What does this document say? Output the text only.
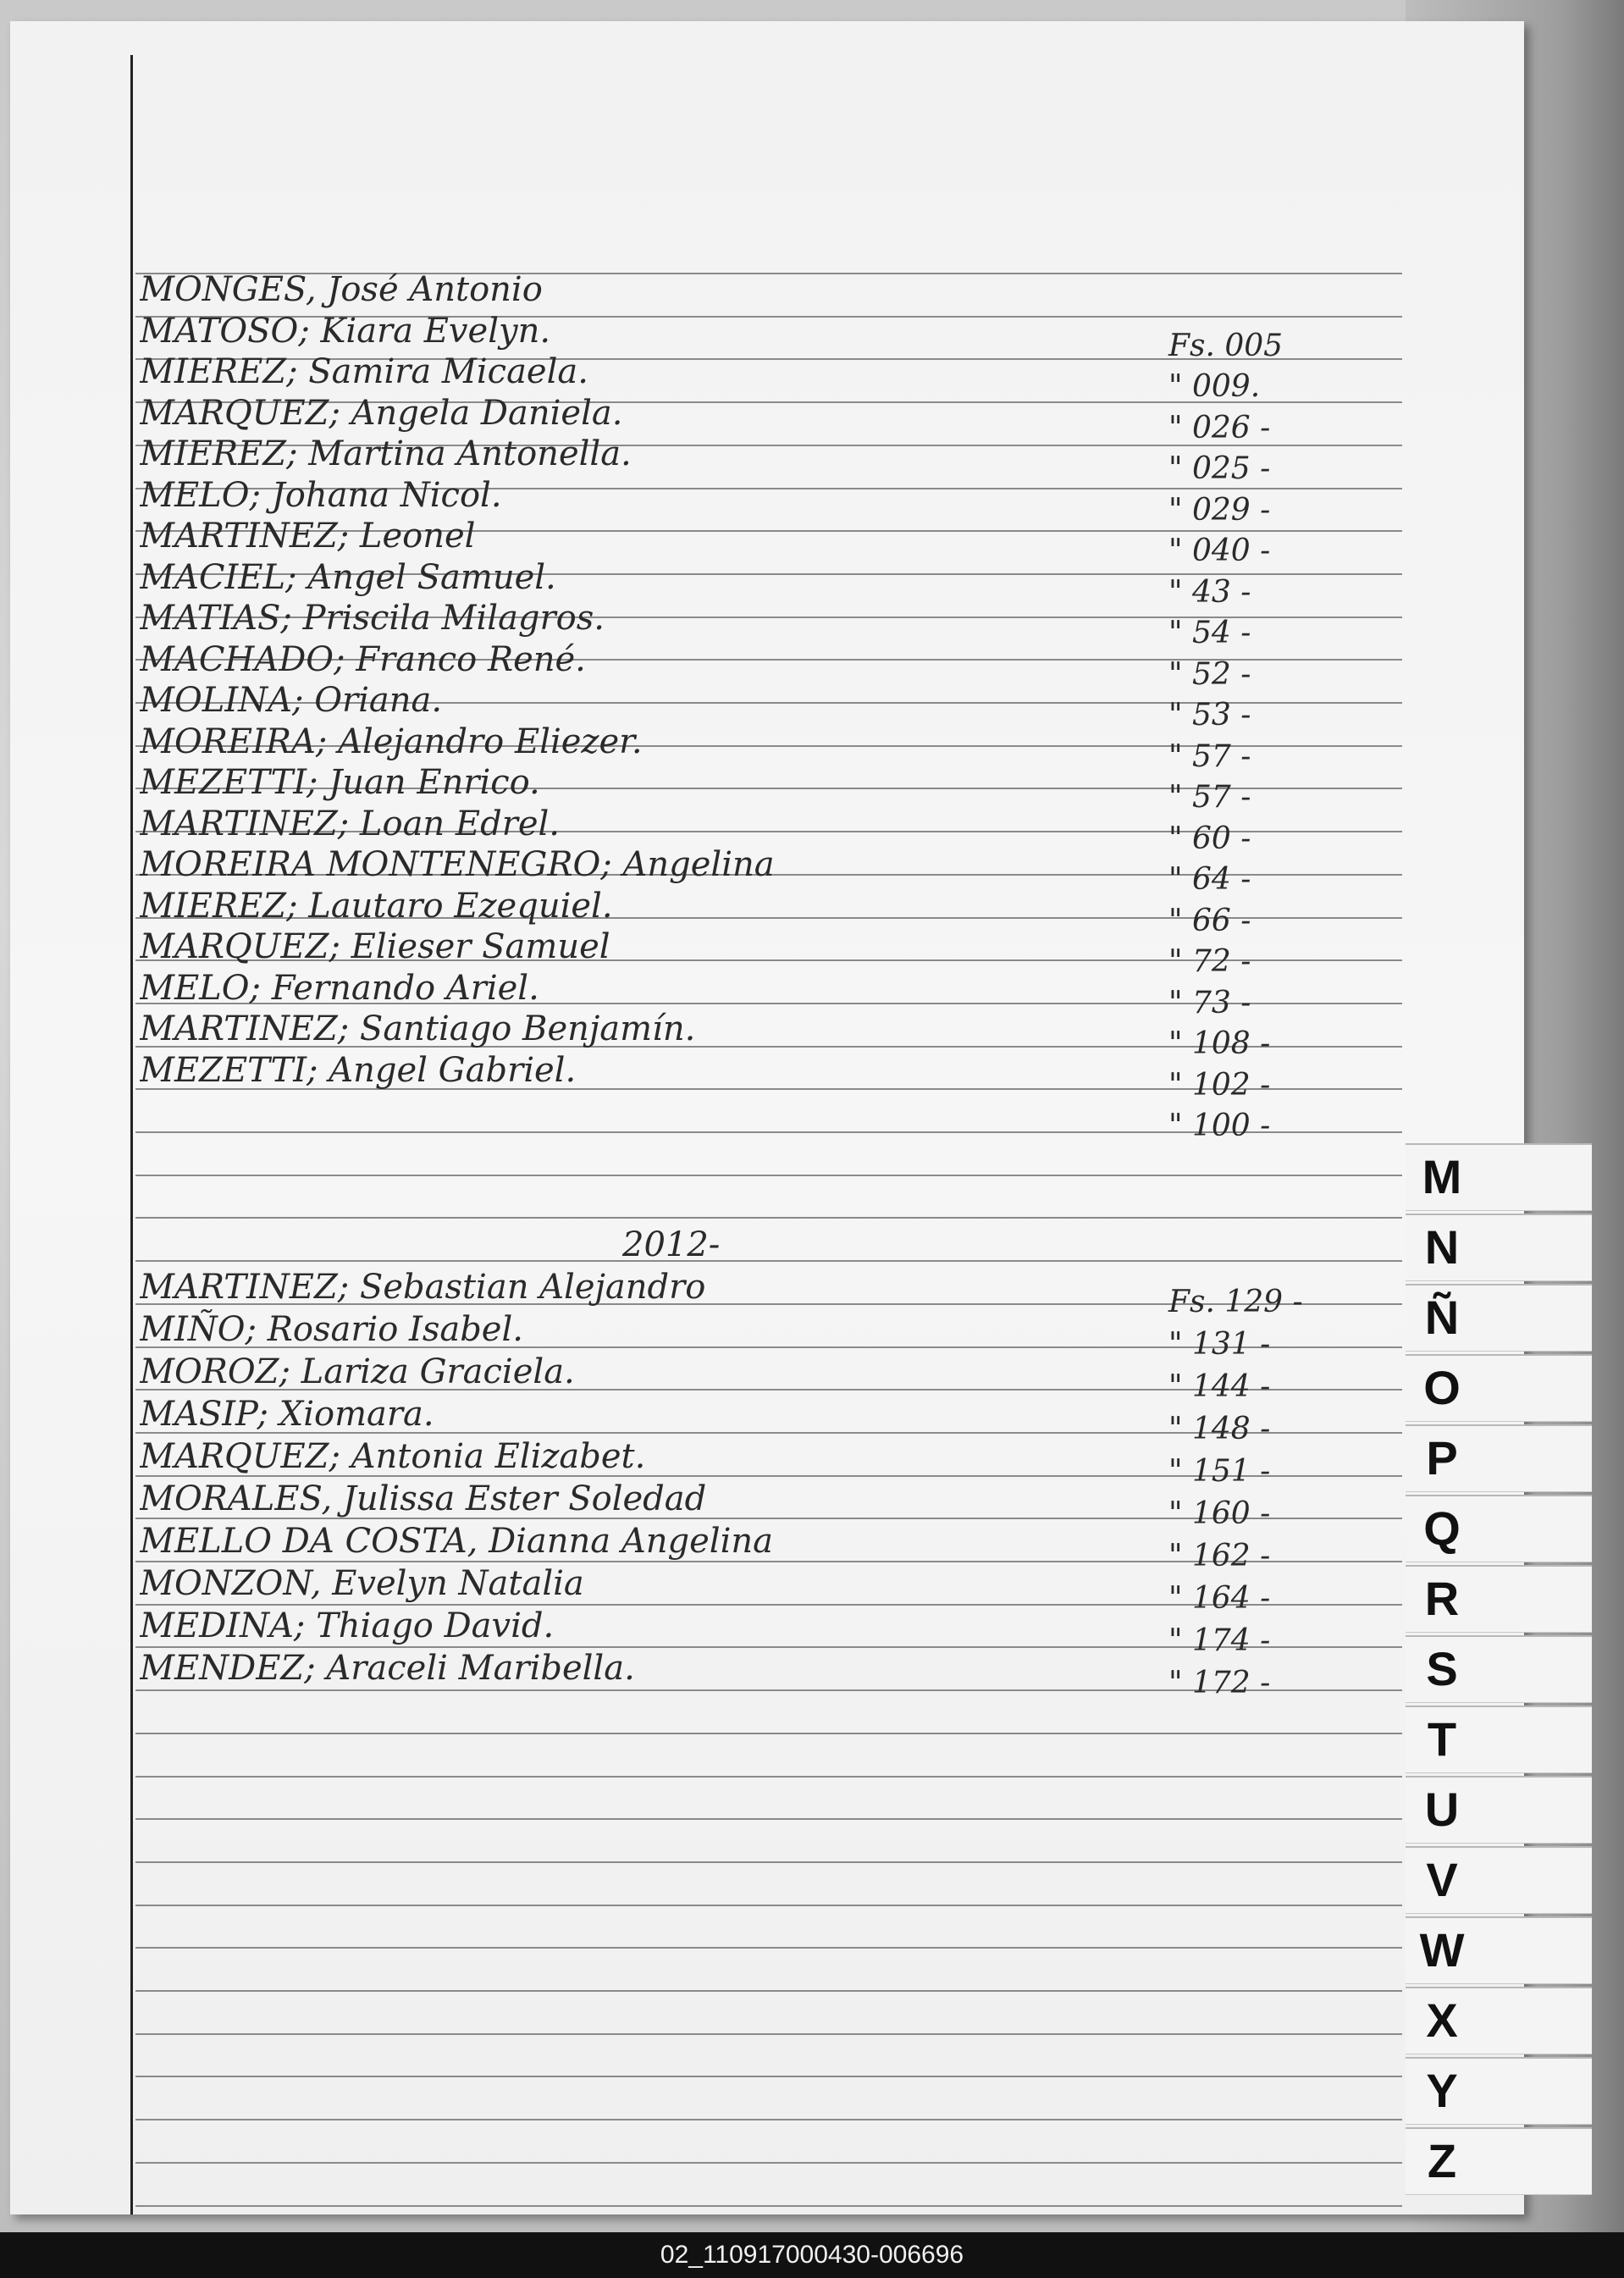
MONGES, José Antonio
MATOSO; Kiara Evelyn.	Fs. 005
MIEREZ; Samira Micaela.	" 009.
MARQUEZ; Angela Daniela.	" 026 -
MIEREZ; Martina Antonella.	" 025 -
MELO; Johana Nicol.	" 029 -
MARTINEZ; Leonel	" 040 -
MACIEL; Angel Samuel.	" 43 -
MATIAS; Priscila Milagros.	" 54 -
MACHADO; Franco René.	" 52 -
MOLINA; Oriana.	" 53 -
MOREIRA; Alejandro Eliezer.	" 57 -
MEZETTI; Juan Enrico.	" 57 -
MARTINEZ; Loan Edrel.	" 60 -
MOREIRA MONTENEGRO; Angelina	" 64 -
MIEREZ; Lautaro Ezequiel.	" 66 -
MARQUEZ; Elieser Samuel	" 72 -
MELO; Fernando Ariel.	" 73 -
MARTINEZ; Santiago Benjamín.	" 108 -
MEZETTI; Angel Gabriel.	" 102 -
" 100 -
2012-
MARTINEZ; Sebastian Alejandro	Fs. 129 -
MIÑO; Rosario Isabel.	" 131 -
MOROZ; Lariza Graciela.	" 144 -
MASIP; Xiomara.	" 148 -
MARQUEZ; Antonia Elizabet.	" 151 -
MORALES, Julissa Ester Soledad	" 160 -
MELLO DA COSTA, Dianna Angelina	" 162 -
MONZON, Evelyn Natalia	" 164 -
MEDINA; Thiago David.	" 174 -
MENDEZ; Araceli Maribella.	" 172 -
M
N
Ñ
O
P
Q
R
S
T
U
V
W
X
Y
Z
02_110917000430-006696
